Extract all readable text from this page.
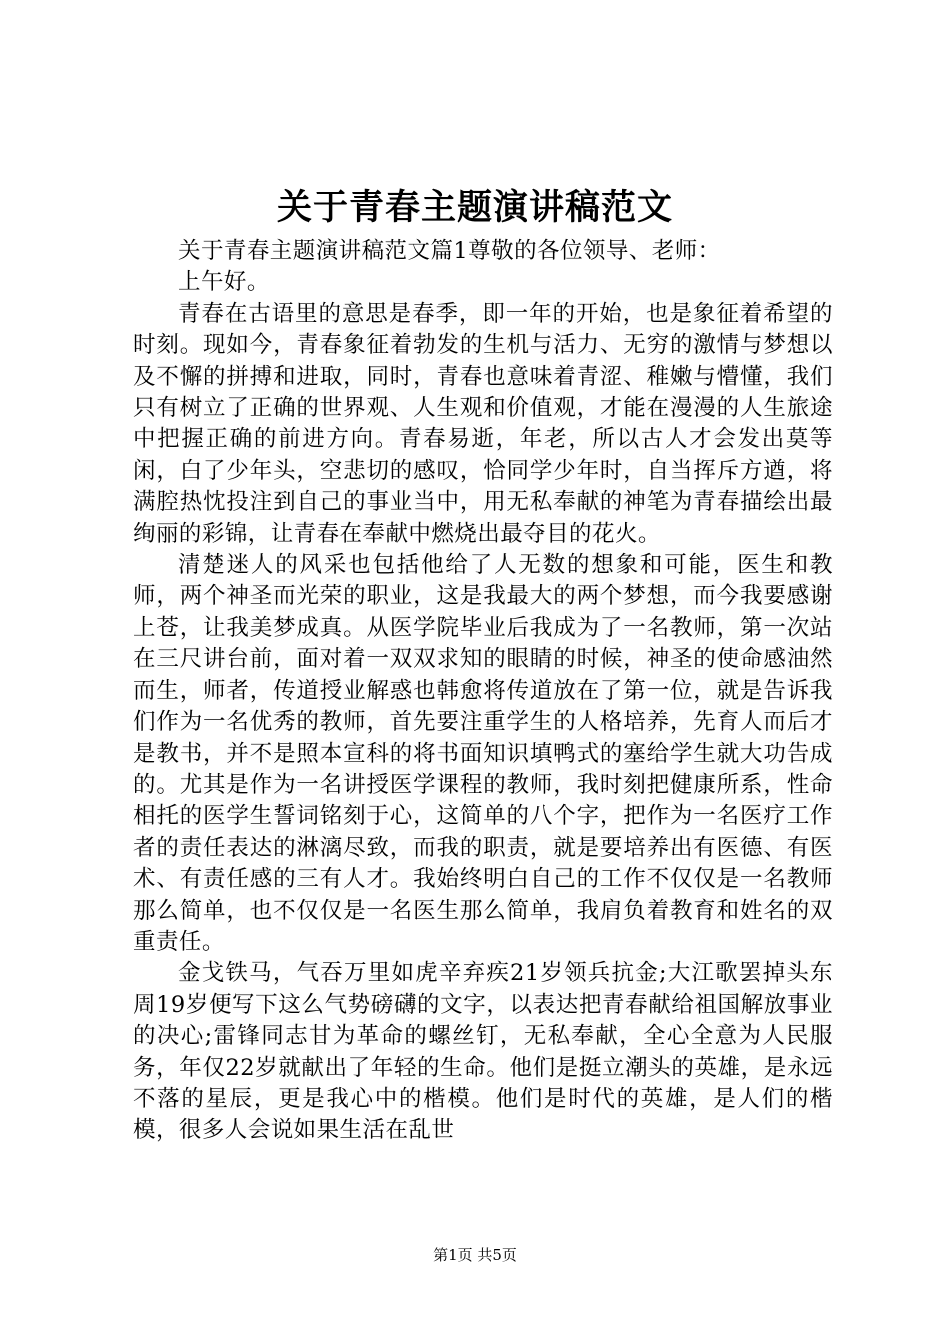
关于青春主题演讲稿范文

关于青春主题演讲稿范文篇1尊敬的各位领导、老师：

上午好。

青春在古语里的意思是春季，即一年的开始，也是象征着希望的时刻。现如今，青春象征着勃发的生机与活力、无穷的激情与梦想以及不懈的拼搏和进取，同时，青春也意味着青涩、稚嫩与懵懂，我们只有树立了正确的世界观、人生观和价值观，才能在漫漫的人生旅途中把握正确的前进方向。青春易逝，年老，所以古人才会发出莫等闲，白了少年头，空悲切的感叹，恰同学少年时，自当挥斥方遒，将满腔热忱投注到自己的事业当中，用无私奉献的神笔为青春描绘出最绚丽的彩锦，让青春在奉献中燃烧出最夺目的花火。

清楚迷人的风采也包括他给了人无数的想象和可能，医生和教师，两个神圣而光荣的职业，这是我最大的两个梦想，而今我要感谢上苍，让我美梦成真。从医学院毕业后我成为了一名教师，第一次站在三尺讲台前，面对着一双双求知的眼睛的时候，神圣的使命感油然而生，师者，传道授业解惑也韩愈将传道放在了第一位，就是告诉我们作为一名优秀的教师，首先要注重学生的人格培养，先育人而后才是教书，并不是照本宣科的将书面知识填鸭式的塞给学生就大功告成的。尤其是作为一名讲授医学课程的教师，我时刻把健康所系，性命相托的医学生誓词铭刻于心，这简单的八个字，把作为一名医疗工作者的责任表达的淋漓尽致，而我的职责，就是要培养出有医德、有医术、有责任感的三有人才。我始终明白自己的工作不仅仅是一名教师那么简单，也不仅仅是一名医生那么简单，我肩负着教育和姓名的双重责任。

金戈铁马，气吞万里如虎辛弃疾21岁领兵抗金;大江歌罢掉头东周19岁便写下这么气势磅礴的文字，以表达把青春献给祖国解放事业的决心;雷锋同志甘为革命的螺丝钉，无私奉献，全心全意为人民服务，年仅22岁就献出了年轻的生命。他们是挺立潮头的英雄，是永远不落的星辰，更是我心中的楷模。他们是时代的英雄，是人们的楷模，很多人会说如果生活在乱世

第1页 共5页
